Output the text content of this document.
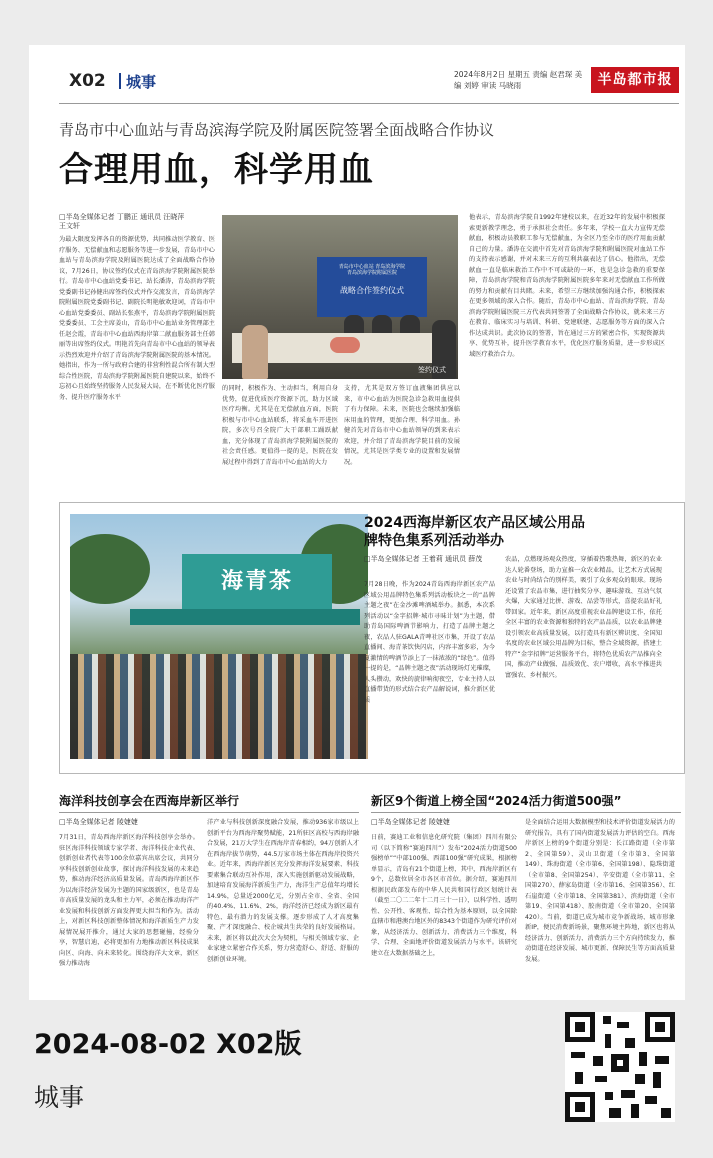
X02 城事	2024年8月2日 星期五 责编 赵君琛 美编 刘婷 审读 马晓雨	半岛都市报
青岛市中心血站与青岛滨海学院及附属医院签署全面战略合作协议
合理用血，科学用血
□半岛全媒体记者 丁鹏正 通讯员 汪晓萍 王文轩
为最大限度发挥各自的资源优势，共同推动医学教育、医疗服务、无偿献血和志愿服务等进一步发展，青岛市中心血站与青岛滨海学院及附属医院达成了全面战略合作协议，7月26日，协议签约仪式在青岛滨海学院附属医院举行。青岛市中心血站党委书记、站长潘涛，青岛滨海学院党委副书记孙健出席签约仪式并作交流发言，青岛滨海学院附属医院党委副书记、副院长明艳敏欢迎词，青岛市中心血站党委委员、副站长张燕平，青岛滨海学院附属医院党委委员、工会主席姜山，青岛市中心血站业务管理部主任赵会霞，青岛市中心血站西海岸第二献血服务部主任韩丽等出席签约仪式。明艳首先向青岛市中心血站的领导表示热烈欢迎并介绍了青岛滨海学院附属医院的基本情况。她指出，作为一所与政府合建的非营利性混合所有制大型综合性医院，青岛滨海学院附属医院自建院以来，始终不忘初心且始终坚持服务人民发展大局，在不断优化医疗服务、提升医疗服务水平
青岛市中心血站 青岛滨海学院
青岛滨海学院附属医院
战略合作签约仪式
签约仪式
的同时，积极作为、主动担当，利用自身优势，促进优质医疗资源下沉，助力区域医疗均衡。尤其是在无偿献血方面，医院积极与市中心血站联系，将采血车开进医院，多次号召全院广大干部职工踊跃献血，充分体现了青岛滨海学院附属医院的社会责任感。更值得一提的是，医院在发展过程中得到了青岛市中心血站的大力
支持，尤其是双方签订血液集团供应以来，市中心血站为医院急诊急救用血提供了有力保障。未来，医院也会继续加强临床用血的管理，更加合理、科学用血。孙健首先对青岛市中心血站领导的到来表示欢迎，并介绍了青岛滨海学院目前的发展情况，尤其是医学类专业的设置和发展情况。
他表示，青岛滨海学院自1992年建校以来，在近32年的发展中积极探索更新教学理念，勇于承担社会责任。多年来，学校一直大力宣传无偿献血，积极动员教职工参与无偿献血，为全区乃至全市的医疗用血贡献自己的力量。潘涛在交流中首先对青岛滨海学院和附属医院对血站工作的支持表示感谢，并对未来三方的互利共赢表达了信心。他指出，无偿献血一直是临床救治工作中不可或缺的一环，也是急诊急救的重要保障，青岛滨海学院和青岛滨海学院附属医院多年来对无偿献血工作所做的努力和贡献有目共睹。未来，希望三方继续加强沟通合作，积极探索在更多领域的深入合作。随后，青岛市中心血站、青岛滨海学院、青岛滨海学院附属医院三方代表共同签署了全面战略合作协议，就未来三方在教育、临床实习与培训、科研、党建联建、志愿服务等方面的深入合作达成共识。此次协议的签署，旨在通过三方的紧密合作，实现资源共享、优势互补，提升医学教育水平，优化医疗服务质量，进一步形成区域医疗救治合力。
海青茶
2024西海岸新区农产品区域公用品牌特色集系列活动举办
□半岛全媒体记者 王着莉 通讯员 薛茂
7月28日晚，作为2024青岛西海岸新区农产品区域公用品牌特色集系列活动板块之一的“品牌主题之夜”在金沙滩啤酒城举办。据悉，本次系列活动以“金字招牌·城市寻味计划”为主题，借助青岛国际啤酒节影响力，打造了品牌主题之夜，农品人驻GALA青啤社区市集，开设了农品直播间、海青茶饮快闪店，内容丰富多彩，为今夏激情的啤酒节添上了一抹浓浓的“绿色”。值得一提的是，“品牌主题之夜”活动现场灯光璀璨，人头攒动，欢快的旋律响彻夜空，专业主持人以直播带货的形式结合农产品解说词，推介新区优质
农品，点燃现场观众热度，穿插着热歌热舞，新区的农业达人轮番登场，助力宣推一众农业精品，让艺术方式展现农业与时尚结合的别样美，吸引了众多观众的眼球。现场还设置了农品市集，进行抽奖分享、趣味游戏、互动气氛火爆，大家通过比拼、游戏、品尝等形式，喜提农品好礼带回家。近年来，新区高度重视农业品牌建设工作，依托全区丰富的农业资源和独特的农产品品质，以农业品牌建设引领农业高质量发展，以打造具有新区辨识度、全国知名度的农业区域公用品牌为目标，整合全域资源，搭建土特产“金字招牌”运营服务平台，将特色优质农产品推向全国，推动产业做强、品质效优、农户增收，高水平推进共富强农、乡村振兴。
海洋科技创享会在西海岸新区举行
□半岛全媒体记者 陵婕婕
7月31日，青岛西海岸新区海洋科技创享会举办。驻区海洋科技领域专家学者、海洋科技企业代表、创新创业者代表等100余位嘉宾出席会议，共同分享科技创新创业故事，探讨海洋科技发展的未来趋势，推动海洋经济高质量发展。青岛西海岸新区作为以海洋经济发展为主题的国家级新区，也是青岛市高质量发展的龙头和主力军，必须在推动海洋产业发展和科技创新方面发挥更大担当和作为。活动上，对新区科技创新整体情况和海洋新质生产力发展情况展开推介，通过大家的思想碰撞，经验分享，智慧启迪，必将更加有力地推动新区科技成果向区、向海、向未来转化。围绕海洋大文章，新区强力推动海
洋产业与科技创新深度融合发展，推动936家市级以上创新平台为西海岸聚势赋能，21所驻区高校与西海岸融合发展，21万大学生在西海岸青春相约，94万创新人才在西海岸拔节萌势，44.5万家市场主体在西海岸投资兴业。近年来，西海岸新区充分发挥海洋发展要素、科技要素集合联动互补作用，深入实施创新驱动发展战略，加速培育发展海洋新质生产力，海洋生产总值年均增长14.9%，总量近2000亿元，分别占全市、全省、全国的40.4%、11.6%、2%，海洋经济已经成为新区最有特色、最有潜力的发展支撑。逐步形成了人才高度集聚、产才深度融合、校企城共生共荣的良好发展格局。未来，新区将以此次大会为契机，与相关领域专家、企业家建立紧密合作关系，努力营造舒心、舒适、舒服的创新创业环境。
新区9个街道上榜全国“2024活力街道500强”
□半岛全媒体记者 陵婕婕
日前，赛迪工业和信息化研究院（集团）四川有限公司（以下简称“赛迪四川”）发布“2024活力街道500强榜单”“中部100强、西部100强”研究成果，根据榜单显示，青岛有21个街道上榜，其中，西海岸新区有9个，总数位居全市各区市首位。据介绍，赛迪四川根据民政部发布的中华人民共和国行政区划统计表（截至二〇二二年十二月三十一日），以科学性、透明性、公开性、客观性、综合性为基本原则，以全国除直辖市和港澳台地区外的8343个街道作为研究评价对象，从经济活力、创新活力、消费活力三个维度，科学、合理、全面地评价街道发展活力与水平。该研究建立在大数据基础之上，
是全面结合运用大数据模型和技术评价街道发展活力的研究报告，具有了国内街道发展活力评估的空白。西海岸新区上榜的9个街道分别是：长江路街道（全市第2、全国第59）、灵山卫街道（全市第3、全国第149）、珠海街道（全市第6、全国第198）、隐珠街道（全市第8、全国第254）、辛安街道（全市第11、全国第270）、薛家岛街道（全市第16、全国第356）、红石崖街道（全市第18、全国第381）、滨海街道（全市第19、全国第418）、胶南街道（全市第20、全国第420）。当前，街道已成为城市竞争新战场、城市形象新IP，便民消费新场景，聚焦环境主阵地，新区也将从经济活力、创新活力、消费活力三个方向持续发力，推动街道在经济发展、城市更新、保障民生等方面高质量发展。
2024-08-02 X02版
城事
